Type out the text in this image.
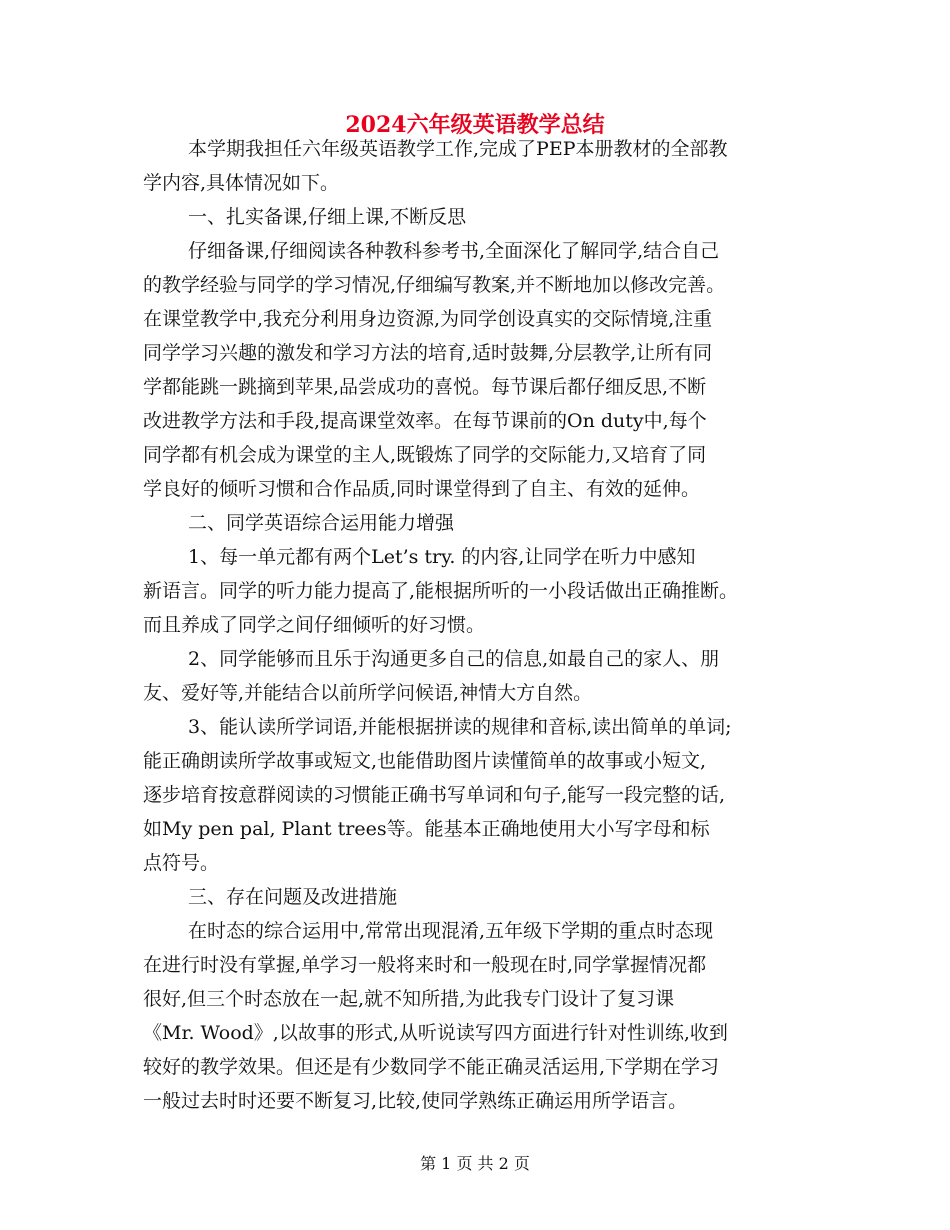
2024六年级英语教学总结
本学期我担任六年级英语教学工作,完成了PEP本册教材的全部教
学内容,具体情况如下。
一、扎实备课,仔细上课,不断反思
仔细备课,仔细阅读各种教科参考书,全面深化了解同学,结合自己
的教学经验与同学的学习情况,仔细编写教案,并不断地加以修改完善。
在课堂教学中,我充分利用身边资源,为同学创设真实的交际情境,注重
同学学习兴趣的激发和学习方法的培育,适时鼓舞,分层教学,让所有同
学都能跳一跳摘到苹果,品尝成功的喜悦。每节课后都仔细反思,不断
改进教学方法和手段,提高课堂效率。在每节课前的On duty中,每个
同学都有机会成为课堂的主人,既锻炼了同学的交际能力,又培育了同
学良好的倾听习惯和合作品质,同时课堂得到了自主、有效的延伸。
二、同学英语综合运用能力增强
1、每一单元都有两个Let’s try. 的内容,让同学在听力中感知
新语言。同学的听力能力提高了,能根据所听的一小段话做出正确推断。
而且养成了同学之间仔细倾听的好习惯。
2、同学能够而且乐于沟通更多自己的信息,如最自己的家人、朋
友、爱好等,并能结合以前所学问候语,神情大方自然。
3、能认读所学词语,并能根据拼读的规律和音标,读出简单的单词;
能正确朗读所学故事或短文,也能借助图片读懂简单的故事或小短文,
逐步培育按意群阅读的习惯能正确书写单词和句子,能写一段完整的话,
如My pen pal, Plant trees等。能基本正确地使用大小写字母和标
点符号。
三、存在问题及改进措施
在时态的综合运用中,常常出现混淆,五年级下学期的重点时态现
在进行时没有掌握,单学习一般将来时和一般现在时,同学掌握情况都
很好,但三个时态放在一起,就不知所措,为此我专门设计了复习课
《Mr. Wood》,以故事的形式,从听说读写四方面进行针对性训练,收到
较好的教学效果。但还是有少数同学不能正确灵活运用,下学期在学习
一般过去时时还要不断复习,比较,使同学熟练正确运用所学语言。
第 1 页 共 2 页
